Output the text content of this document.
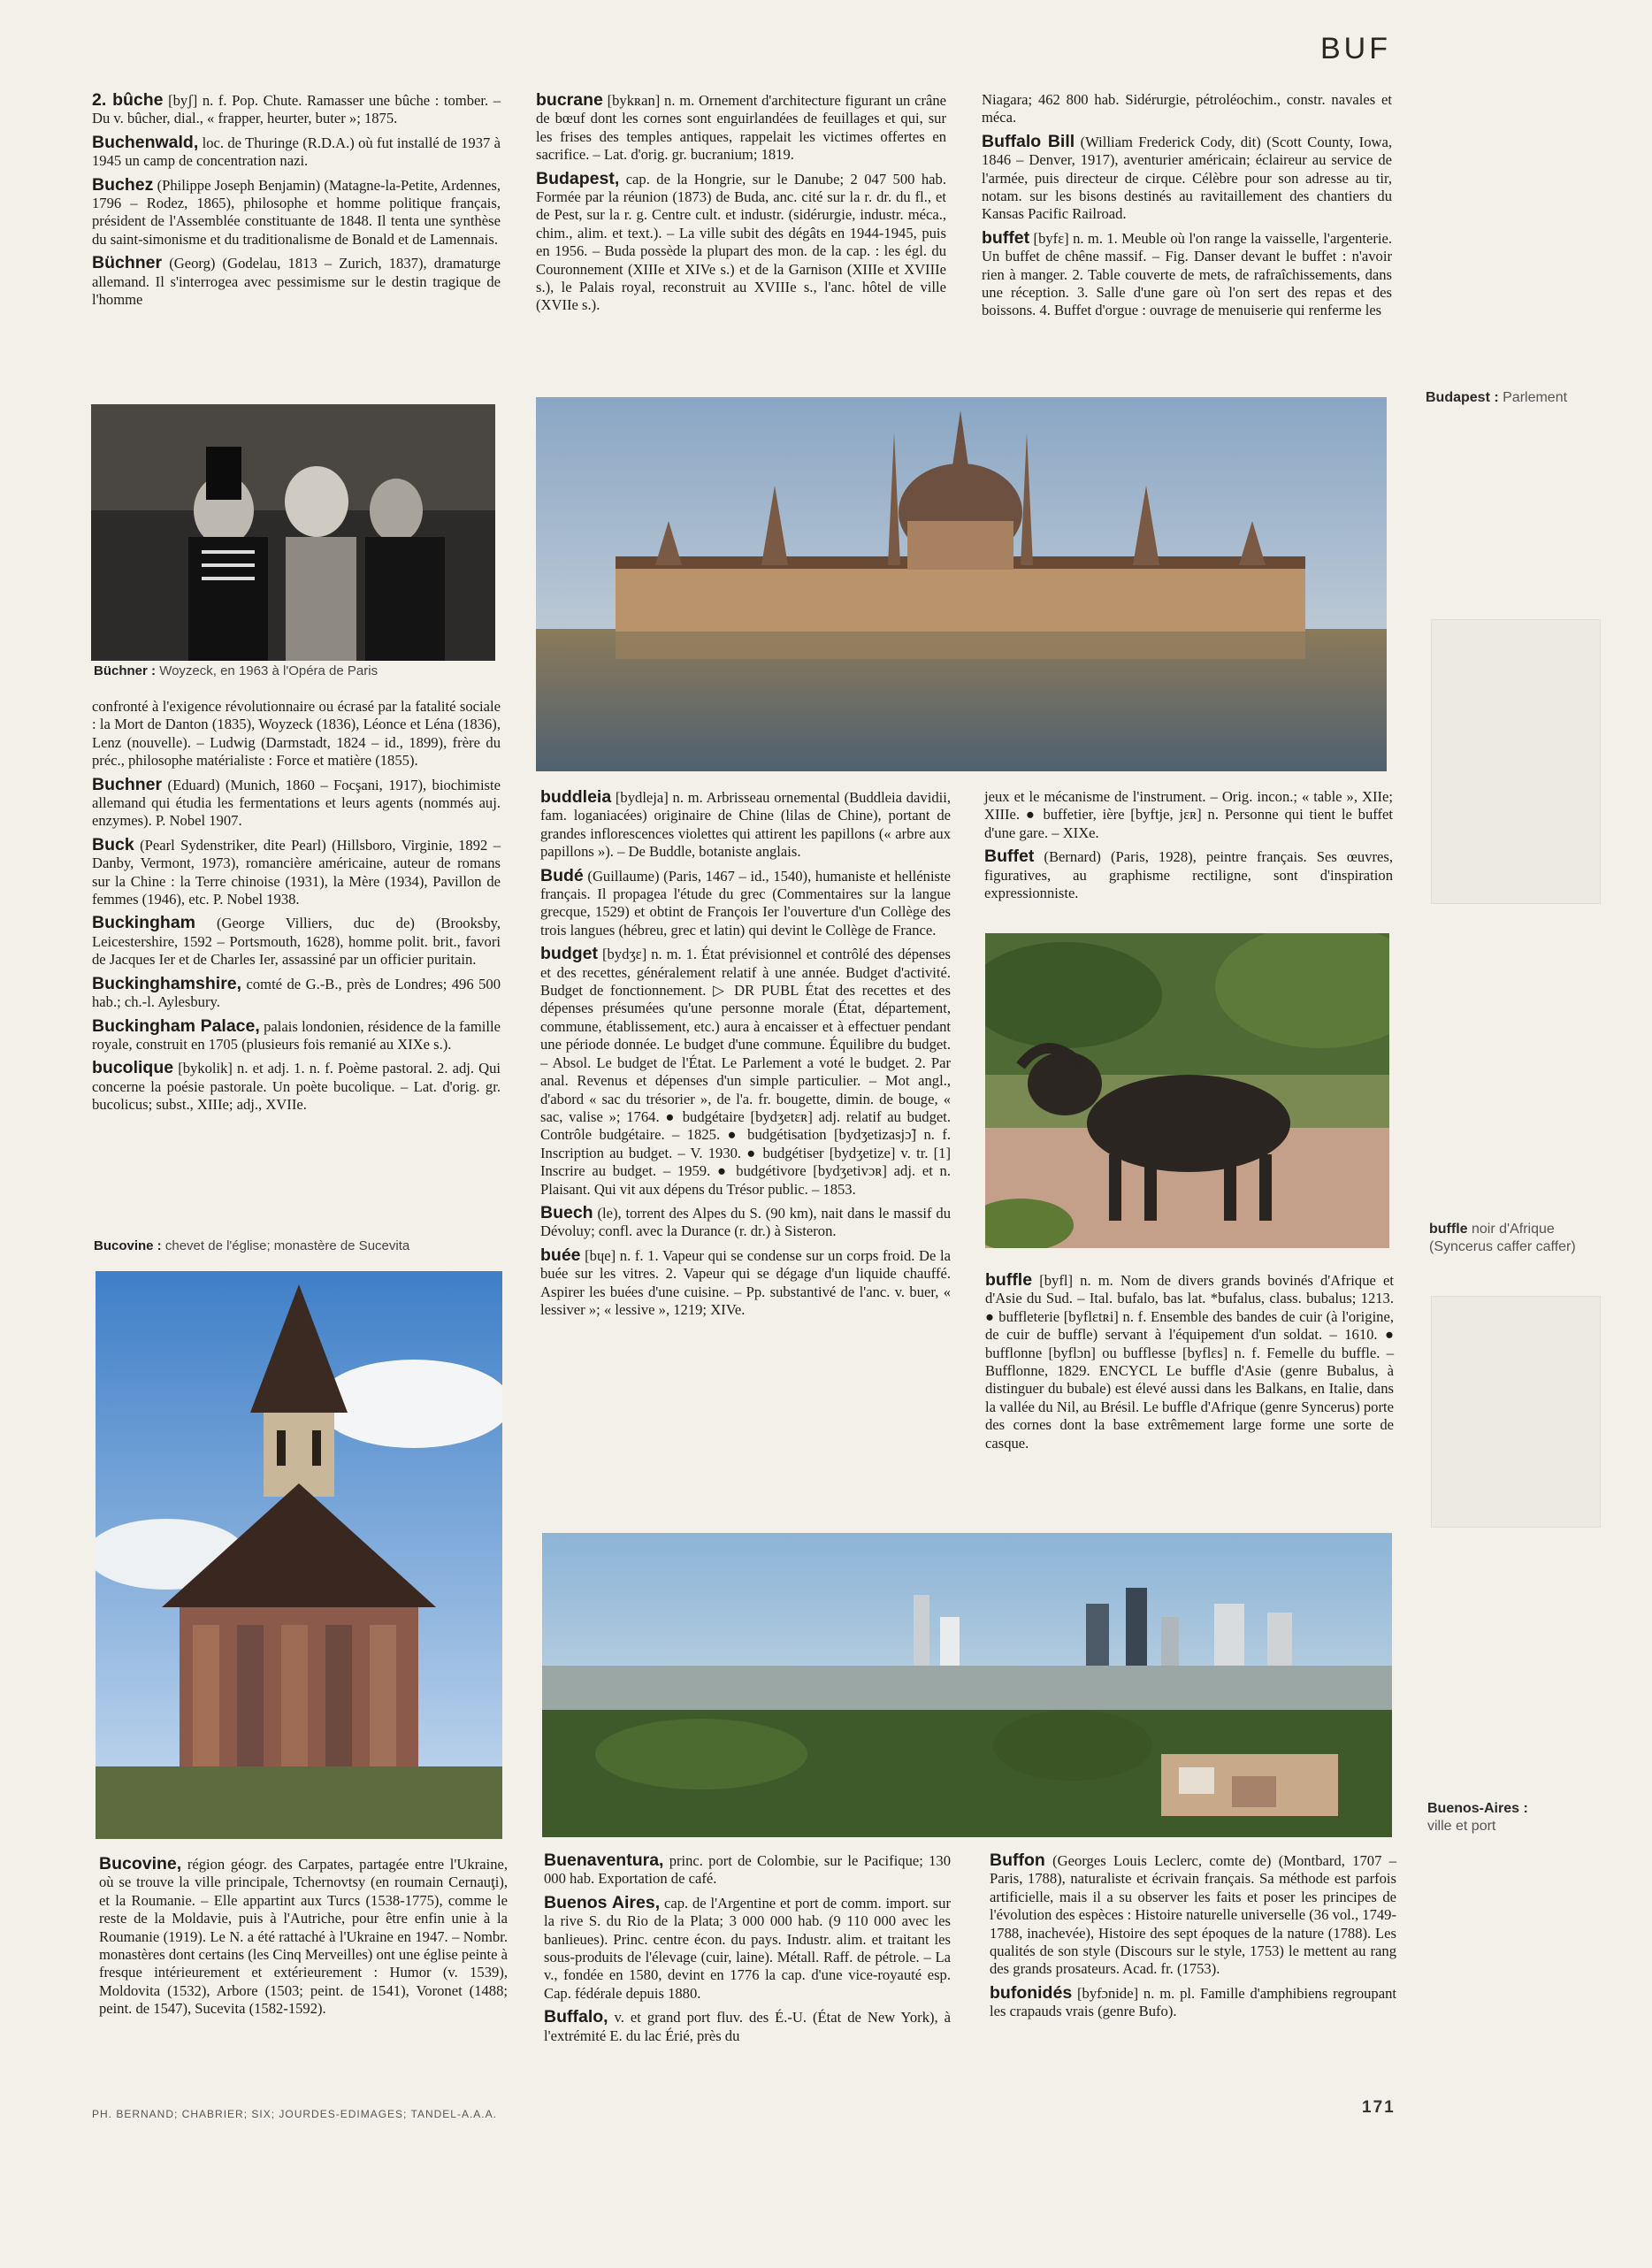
BUF
2. bûche [byʃ] n. f. Pop. Chute. Ramasser une bûche : tomber. – Du v. bûcher, dial., « frapper, heurter, buter »; 1875.
Buchenwald, loc. de Thuringe (R.D.A.) où fut installé de 1937 à 1945 un camp de concentration nazi.
Buchez (Philippe Joseph Benjamin) (Matagne-la-Petite, Ardennes, 1796 – Rodez, 1865), philosophe et homme politique français, président de l'Assemblée constituante de 1848. Il tenta une synthèse du saint-simonisme et du traditionalisme de Bonald et de Lamennais.
Büchner (Georg) (Godelau, 1813 – Zurich, 1837), dramaturge allemand. Il s'interrogea avec pessimisme sur le destin tragique de l'homme
Büchner : Woyzeck, en 1963 à l'Opéra de Paris
confronté à l'exigence révolutionnaire ou écrasé par la fatalité sociale : la Mort de Danton (1835), Woyzeck (1836), Léonce et Léna (1836), Lenz (nouvelle). – Ludwig (Darmstadt, 1824 – id., 1899), frère du préc., philosophe matérialiste : Force et matière (1855).
Buchner (Eduard) (Munich, 1860 – Focşani, 1917), biochimiste allemand qui étudia les fermentations et leurs agents (nommés auj. enzymes). P. Nobel 1907.
Buck (Pearl Sydenstriker, dite Pearl) (Hillsboro, Virginie, 1892 – Danby, Vermont, 1973), romancière américaine, auteur de romans sur la Chine : la Terre chinoise (1931), la Mère (1934), Pavillon de femmes (1946), etc. P. Nobel 1938.
Buckingham (George Villiers, duc de) (Brooksby, Leicestershire, 1592 – Portsmouth, 1628), homme polit. brit., favori de Jacques Ier et de Charles Ier, assassiné par un officier puritain.
Buckinghamshire, comté de G.-B., près de Londres; 496 500 hab.; ch.-l. Aylesbury.
Buckingham Palace, palais londonien, résidence de la famille royale, construit en 1705 (plusieurs fois remanié au XIXe s.).
bucolique [bykolik] n. et adj. 1. n. f. Poème pastoral. 2. adj. Qui concerne la poésie pastorale. Un poète bucolique. – Lat. d'orig. gr. bucolicus; subst., XIIIe; adj., XVIIe.
Bucovine : chevet de l'église; monastère de Sucevita
Bucovine, région géogr. des Carpates, partagée entre l'Ukraine, où se trouve la ville principale, Tchernovtsy (en roumain Cernauţi), et la Roumanie. – Elle appartint aux Turcs (1538-1775), comme le reste de la Moldavie, puis à l'Autriche, pour être enfin unie à la Roumanie (1919). Le N. a été rattaché à l'Ukraine en 1947. – Nombr. monastères dont certains (les Cinq Merveilles) ont une église peinte à fresque intérieurement et extérieurement : Humor (v. 1539), Moldovita (1532), Arbore (1503; peint. de 1541), Voronet (1488; peint. de 1547), Sucevita (1582-1592).
bucrane [bykʀan] n. m. Ornement d'architecture figurant un crâne de bœuf dont les cornes sont enguirlandées de feuillages et qui, sur les frises des temples antiques, rappelait les victimes offertes en sacrifice. – Lat. d'orig. gr. bucranium; 1819.
Budapest, cap. de la Hongrie, sur le Danube; 2 047 500 hab. Formée par la réunion (1873) de Buda, anc. cité sur la r. dr. du fl., et de Pest, sur la r. g. Centre cult. et industr. (sidérurgie, industr. méca., chim., alim. et text.). – La ville subit des dégâts en 1944-1945, puis en 1956. – Buda possède la plupart des mon. de la cap. : les égl. du Couronnement (XIIIe et XIVe s.) et de la Garnison (XIIIe et XVIIIe s.), le Palais royal, reconstruit au XVIIIe s., l'anc. hôtel de ville (XVIIe s.).
buddleia [bydleja] n. m. Arbrisseau ornemental (Buddleia davidii, fam. loganiacées) originaire de Chine (lilas de Chine), portant de grandes inflorescences violettes qui attirent les papillons (« arbre aux papillons »). – De Buddle, botaniste anglais.
Budé (Guillaume) (Paris, 1467 – id., 1540), humaniste et helléniste français. Il propagea l'étude du grec (Commentaires sur la langue grecque, 1529) et obtint de François Ier l'ouverture d'un Collège des trois langues (hébreu, grec et latin) qui devint le Collège de France.
budget [bydʒɛ] n. m. 1. État prévisionnel et contrôlé des dépenses et des recettes, généralement relatif à une année. Budget d'activité. Budget de fonctionnement. ▷ DR PUBL État des recettes et des dépenses présumées qu'une personne morale (État, département, commune, établissement, etc.) aura à encaisser et à effectuer pendant une période donnée. Le budget d'une commune. Équilibre du budget. – Absol. Le budget de l'État. Le Parlement a voté le budget. 2. Par anal. Revenus et dépenses d'un simple particulier. – Mot angl., d'abord « sac du trésorier », de l'a. fr. bougette, dimin. de bouge, « sac, valise »; 1764. ● budgétaire [bydʒetɛʀ] adj. relatif au budget. Contrôle budgétaire. – 1825. ● budgétisation [bydʒetizasjɔ̃] n. f. Inscription au budget. – V. 1930. ● budgétiser [bydʒetize] v. tr. [1] Inscrire au budget. – 1959. ● budgétivore [bydʒetivɔʀ] adj. et n. Plaisant. Qui vit aux dépens du Trésor public. – 1853.
Buech (le), torrent des Alpes du S. (90 km), nait dans le massif du Dévoluy; confl. avec la Durance (r. dr.) à Sisteron.
buée [bɥe] n. f. 1. Vapeur qui se condense sur un corps froid. De la buée sur les vitres. 2. Vapeur qui se dégage d'un liquide chauffé. Aspirer les buées d'une cuisine. – Pp. substantivé de l'anc. v. buer, « lessiver »; « lessive », 1219; XIVe.
Buenaventura, princ. port de Colombie, sur le Pacifique; 130 000 hab. Exportation de café.
Buenos Aires, cap. de l'Argentine et port de comm. import. sur la rive S. du Rio de la Plata; 3 000 000 hab. (9 110 000 avec les banlieues). Princ. centre écon. du pays. Industr. alim. et traitant les sous-produits de l'élevage (cuir, laine). Métall. Raff. de pétrole. – La v., fondée en 1580, devint en 1776 la cap. d'une vice-royauté esp. Cap. fédérale depuis 1880.
Buffalo, v. et grand port fluv. des É.-U. (État de New York), à l'extrémité E. du lac Érié, près du
Niagara; 462 800 hab. Sidérurgie, pétroléochim., constr. navales et méca.
Buffalo Bill (William Frederick Cody, dit) (Scott County, Iowa, 1846 – Denver, 1917), aventurier américain; éclaireur au service de l'armée, puis directeur de cirque. Célèbre pour son adresse au tir, notam. sur les bisons destinés au ravitaillement des chantiers du Kansas Pacific Railroad.
buffet [byfɛ] n. m. 1. Meuble où l'on range la vaisselle, l'argenterie. Un buffet de chêne massif. – Fig. Danser devant le buffet : n'avoir rien à manger. 2. Table couverte de mets, de rafraîchissements, dans une réception. 3. Salle d'une gare où l'on sert des repas et des boissons. 4. Buffet d'orgue : ouvrage de menuiserie qui renferme les
Budapest : Parlement
jeux et le mécanisme de l'instrument. – Orig. incon.; « table », XIIe; XIIIe. ● buffetier, ière [byftje, jɛʀ] n. Personne qui tient le buffet d'une gare. – XIXe.
Buffet (Bernard) (Paris, 1928), peintre français. Ses œuvres, figuratives, au graphisme rectiligne, sont d'inspiration expressionniste.
buffle noir d'Afrique
(Syncerus caffer caffer)
buffle [byfl] n. m. Nom de divers grands bovinés d'Afrique et d'Asie du Sud. – Ital. bufalo, bas lat. *bufalus, class. bubalus; 1213. ● buffleterie [byflɛtʀi] n. f. Ensemble des bandes de cuir (à l'origine, de cuir de buffle) servant à l'équipement d'un soldat. – 1610. ● bufflonne [byflɔn] ou bufflesse [byflɛs] n. f. Femelle du buffle. – Bufflonne, 1829. ENCYCL Le buffle d'Asie (genre Bubalus, à distinguer du bubale) est élevé aussi dans les Balkans, en Italie, dans la vallée du Nil, au Brésil. Le buffle d'Afrique (genre Syncerus) porte des cornes dont la base extrêmement large forme une sorte de casque.
Buenos-Aires :
ville et port
Buffon (Georges Louis Leclerc, comte de) (Montbard, 1707 – Paris, 1788), naturaliste et écrivain français. Sa méthode est parfois artificielle, mais il a su observer les faits et poser les principes de l'évolution des espèces : Histoire naturelle universelle (36 vol., 1749-1788, inachevée), Histoire des sept époques de la nature (1788). Les qualités de son style (Discours sur le style, 1753) le mettent au rang des grands prosateurs. Acad. fr. (1753).
bufonidés [byfɔnide] n. m. pl. Famille d'amphibiens regroupant les crapauds vrais (genre Bufo).
PH. BERNAND; CHABRIER; SIX; JOURDES-EDIMAGES; TANDEL-A.A.A.	171
